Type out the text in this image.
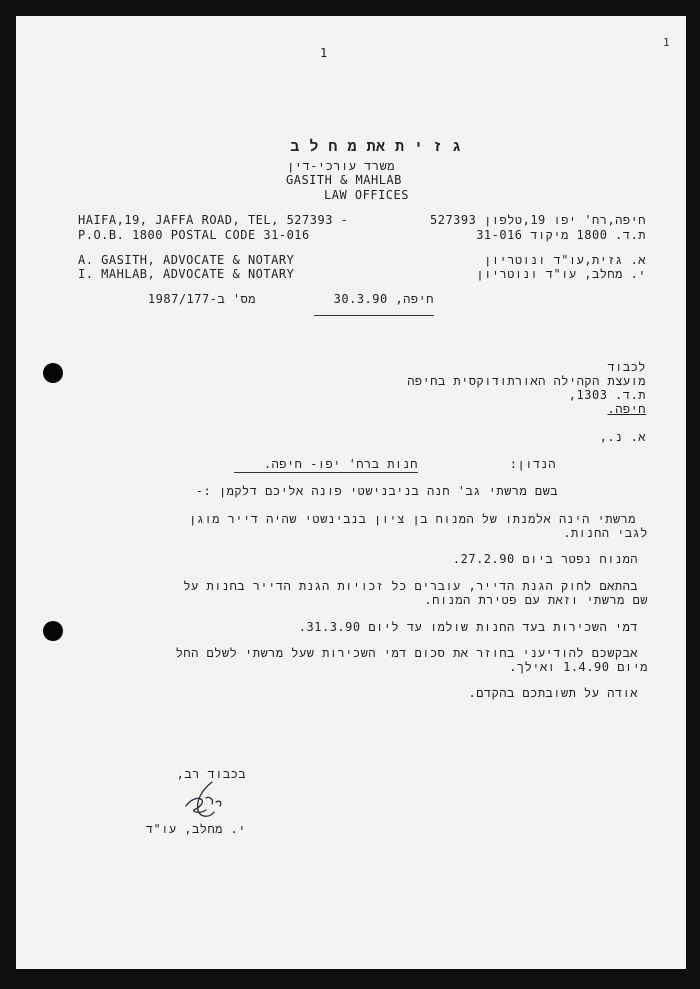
1
‪1‬
ג ז י ת את מ ח ל ב
משרד עורכי-דין
GASITH & MAHLAB
LAW OFFICES
HAIFA,19, JAFFA ROAD, TEL, 527393 -
P.O.B. 1800 POSTAL CODE 31-016
חיפה,רח' יפו 19,טלפון 527393
ת.ד. 1800 מיקוד 31-016
A. GASITH, ADVOCATE & NOTARY
I. MAHLAB, ADVOCATE & NOTARY
א. גזית,עו"ד ונוטריון
י. מחלב, עו"ד ונוטריון
מס' ב-1987/177	חיפה, 30.3.90
לכבוד
מועצת הקהילה האורתודוקסית בחיפה
ת.ד. 1303,
חיפה.
א. נ.,
הנדון:
חנות ברח' יפו- חיפה.
בשם מרשתי גב' חנה בניבנישטי פונה אליכם דלקמן :-
מרשתי הינה אלמנתו של המנוח בן ציון בנבינשטי שהיה דייר מוגן
לגבי החנות.
המנוח נפטר ביום 27.2.90.
בהתאם לחוק הגנת הדייר, עוברים כל זכויות הגנת הדייר בחנות על
שם מרשתי וזאת עם פטירת המנוח.
דמי השכירות בעד החנות שולמו עד ליום 31.3.90.
אבקשכם להודיעני בחוזר את סכום דמי השכירות שעל מרשתי לשלם החל
מיום 1.4.90 ואילך.
אודה על תשובתכם בהקדם.
בכבוד רב,
י. מחלב, עו"ד
